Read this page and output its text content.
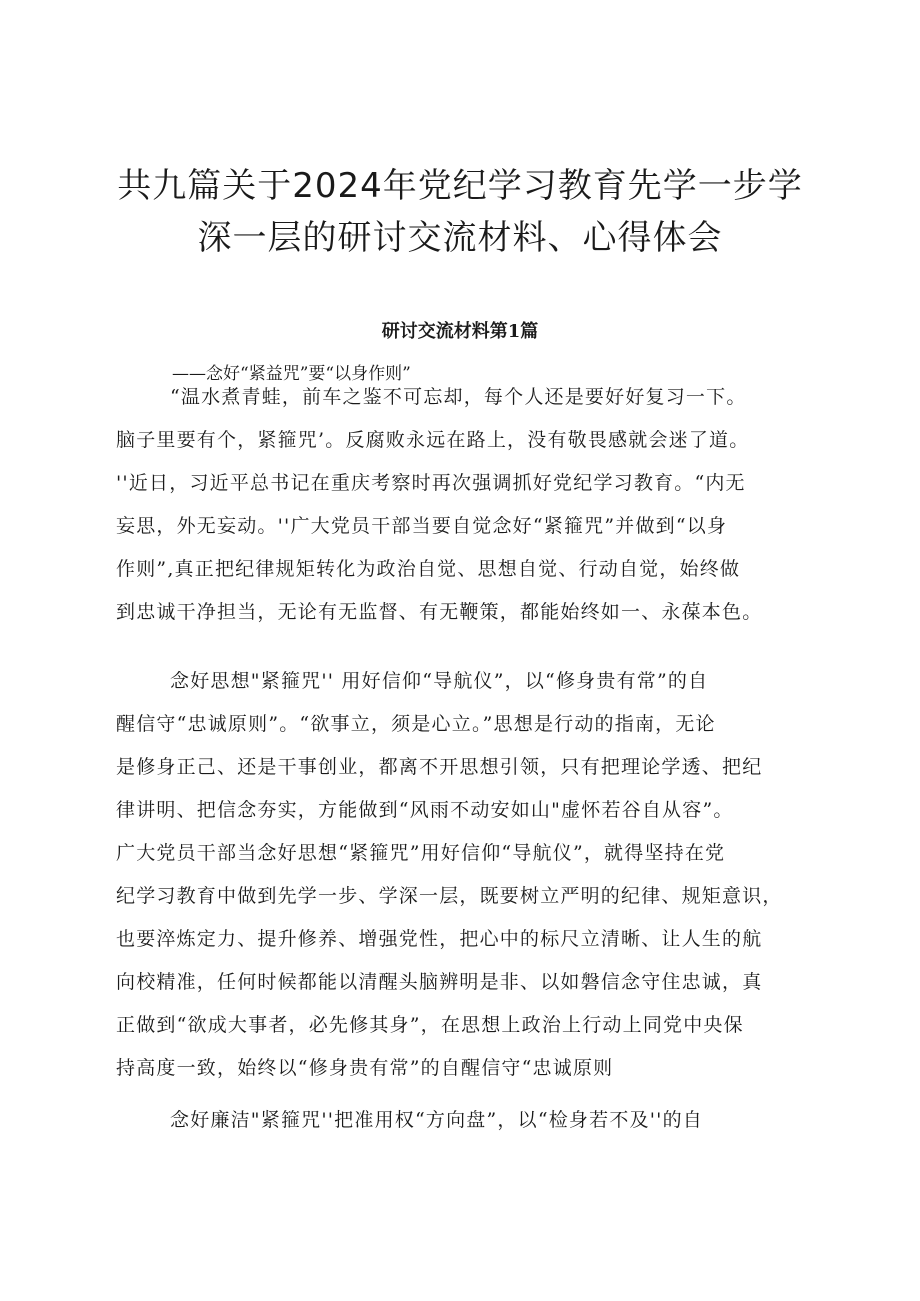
共九篇关于2024年党纪学习教育先学一步学
深一层的研讨交流材料、心得体会
研讨交流材料第1篇

——念好“紧益咒”要“以身作则”

“温水煮青蛙，前车之鉴不可忘却，每个人还是要好好复习一下。
脑子里要有个，紧箍咒’。反腐败永远在路上，没有敬畏感就会迷了道。
''近日，习近平总书记在重庆考察时再次强调抓好党纪学习教育。“内无
妄思，外无妄动。''广大党员干部当要自觉念好“紧箍咒”并做到“以身
作则”,真正把纪律规矩转化为政治自觉、思想自觉、行动自觉，始终做
到忠诚干净担当，无论有无监督、有无鞭策，都能始终如一、永葆本色。

念好思想"紧箍咒'' 用好信仰“导航仪”，以“修身贵有常”的自
醒信守“忠诚原则”。“欲事立，须是心立。”思想是行动的指南，无论
是修身正己、还是干事创业，都离不开思想引领，只有把理论学透、把纪
律讲明、把信念夯实，方能做到“风雨不动安如山"虚怀若谷自从容”。
广大党员干部当念好思想“紧箍咒”用好信仰“导航仪”，就得坚持在党
纪学习教育中做到先学一步、学深一层，既要树立严明的纪律、规矩意识，
也要淬炼定力、提升修养、增强党性，把心中的标尺立清晰、让人生的航
向校精准，任何时候都能以清醒头脑辨明是非、以如磐信念守住忠诚，真
正做到“欲成大事者，必先修其身”，在思想上政治上行动上同党中央保
持高度一致，始终以“修身贵有常”的自醒信守“忠诚原则

念好廉洁"紧箍咒''把准用权“方向盘”，以“检身若不及''的自
